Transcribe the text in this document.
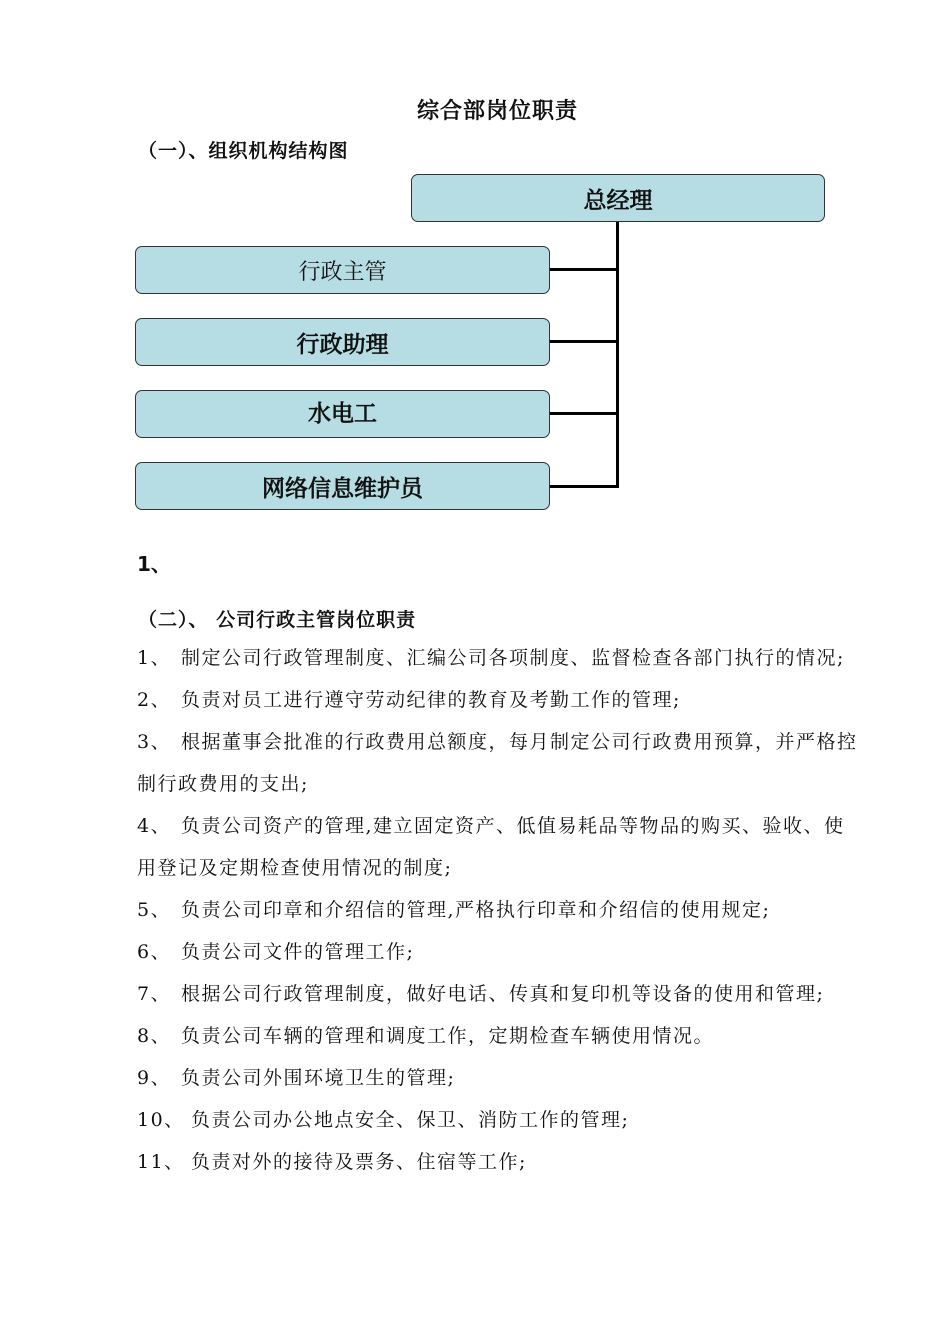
综合部岗位职责
（一）、组织机构结构图
总经理
行政主管
行政助理
水电工
网络信息维护员
1、
（二）、 公司行政主管岗位职责

1、 制定公司行政管理制度、汇编公司各项制度、监督检查各部门执行的情况;

2、 负责对员工进行遵守劳动纪律的教育及考勤工作的管理;

3、 根据董事会批准的行政费用总额度，每月制定公司行政费用预算，并严格控制行政费用的支出;

4、 负责公司资产的管理,建立固定资产、低值易耗品等物品的购买、验收、使用登记及定期检查使用情况的制度;

5、 负责公司印章和介绍信的管理,严格执行印章和介绍信的使用规定;

6、 负责公司文件的管理工作;

7、 根据公司行政管理制度，做好电话、传真和复印机等设备的使用和管理;

8、 负责公司车辆的管理和调度工作，定期检查车辆使用情况。

9、 负责公司外围环境卫生的管理;

10、 负责公司办公地点安全、保卫、消防工作的管理;

11、 负责对外的接待及票务、住宿等工作;
